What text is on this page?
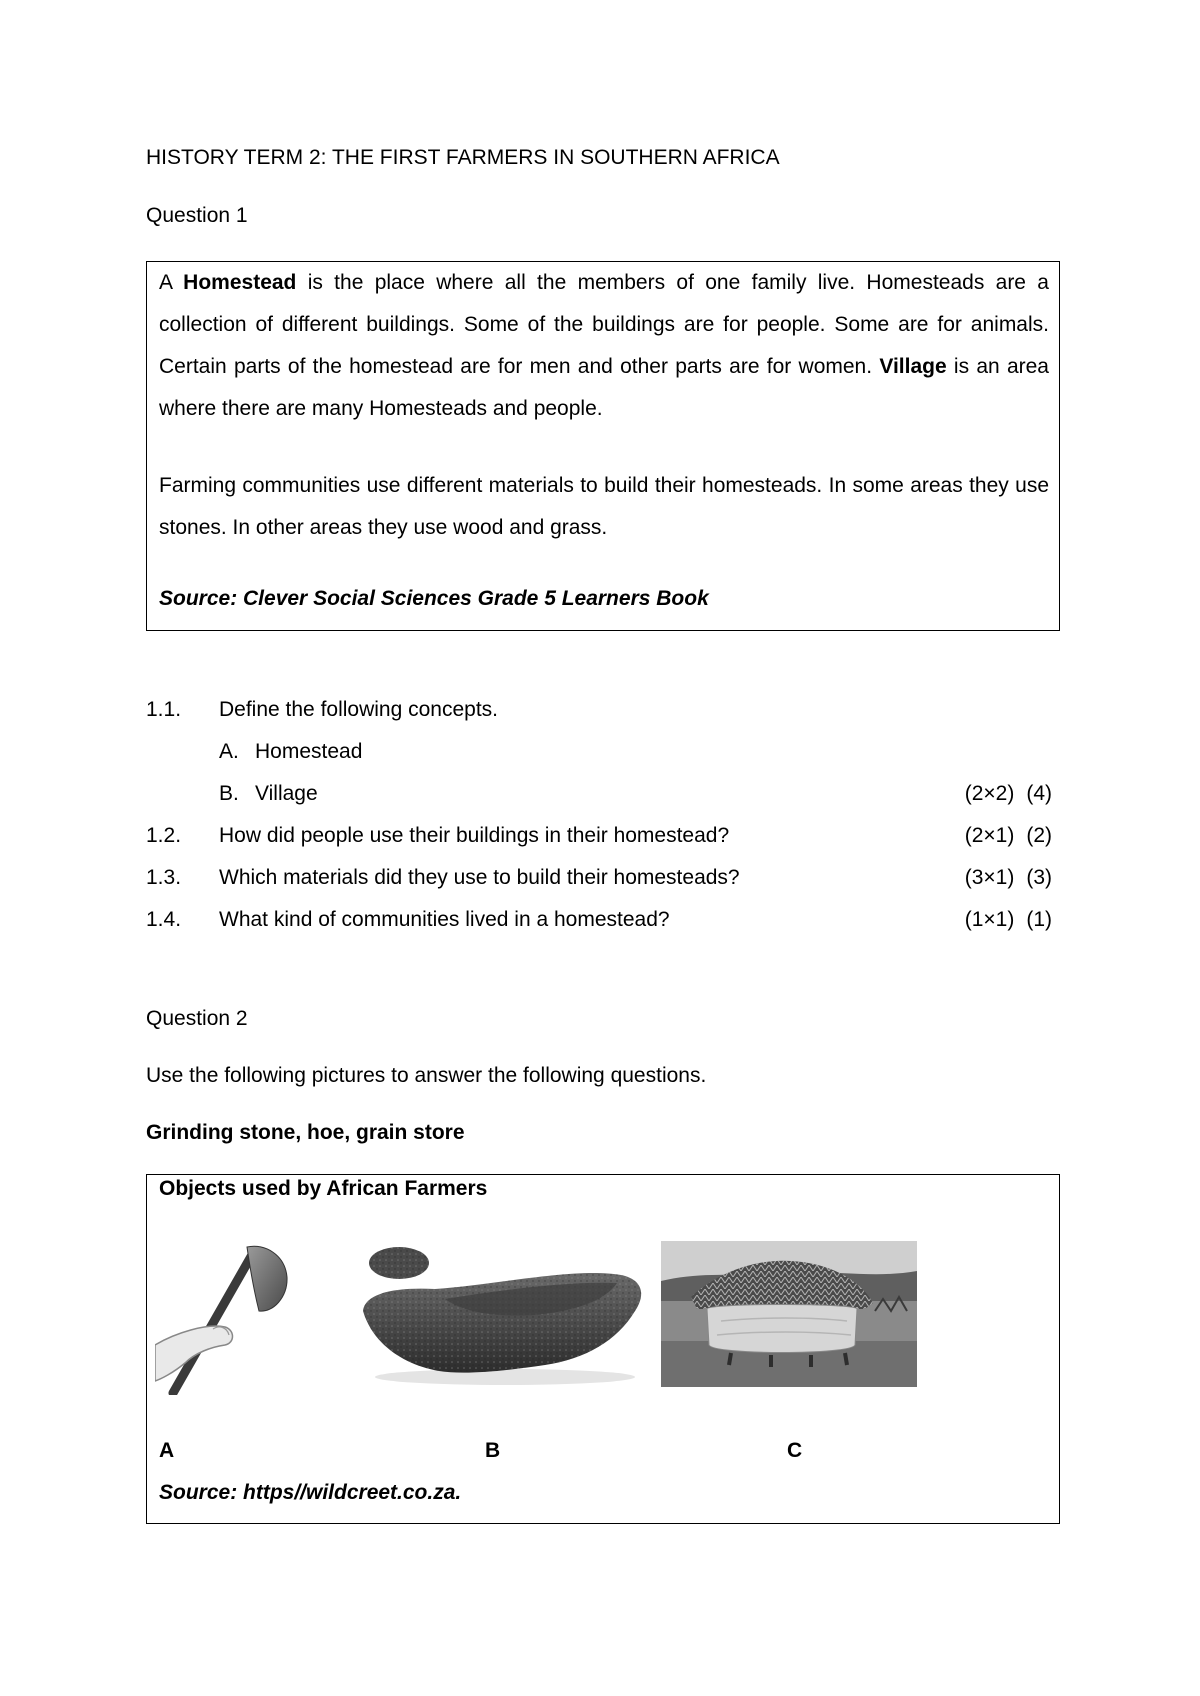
HISTORY TERM 2: THE FIRST FARMERS IN SOUTHERN AFRICA
Question 1

A Homestead is the place where all the members of one family live. Homesteads are a collection of different buildings. Some of the buildings are for people. Some are for animals. Certain parts of the homestead are for men and other parts are for women. Village is an area where there are many Homesteads and people.

Farming communities use different materials to build their homesteads. In some areas they use stones. In other areas they use wood and grass.

Source: Clever Social Sciences Grade 5 Learners Book

1.1. Define the following concepts.
A. Homestead
B. Village	(2×2) (4)
1.2. How did people use their buildings in their homestead?	(2×1) (2)
1.3. Which materials did they use to build their homesteads?	(3×1) (3)
1.4. What kind of communities lived in a homestead?	(1×1) (1)
Question 2
Use the following pictures to answer the following questions.
Grinding stone, hoe, grain store
Objects used by African Farmers
A	B	C
Source: https//wildcreet.co.za.
